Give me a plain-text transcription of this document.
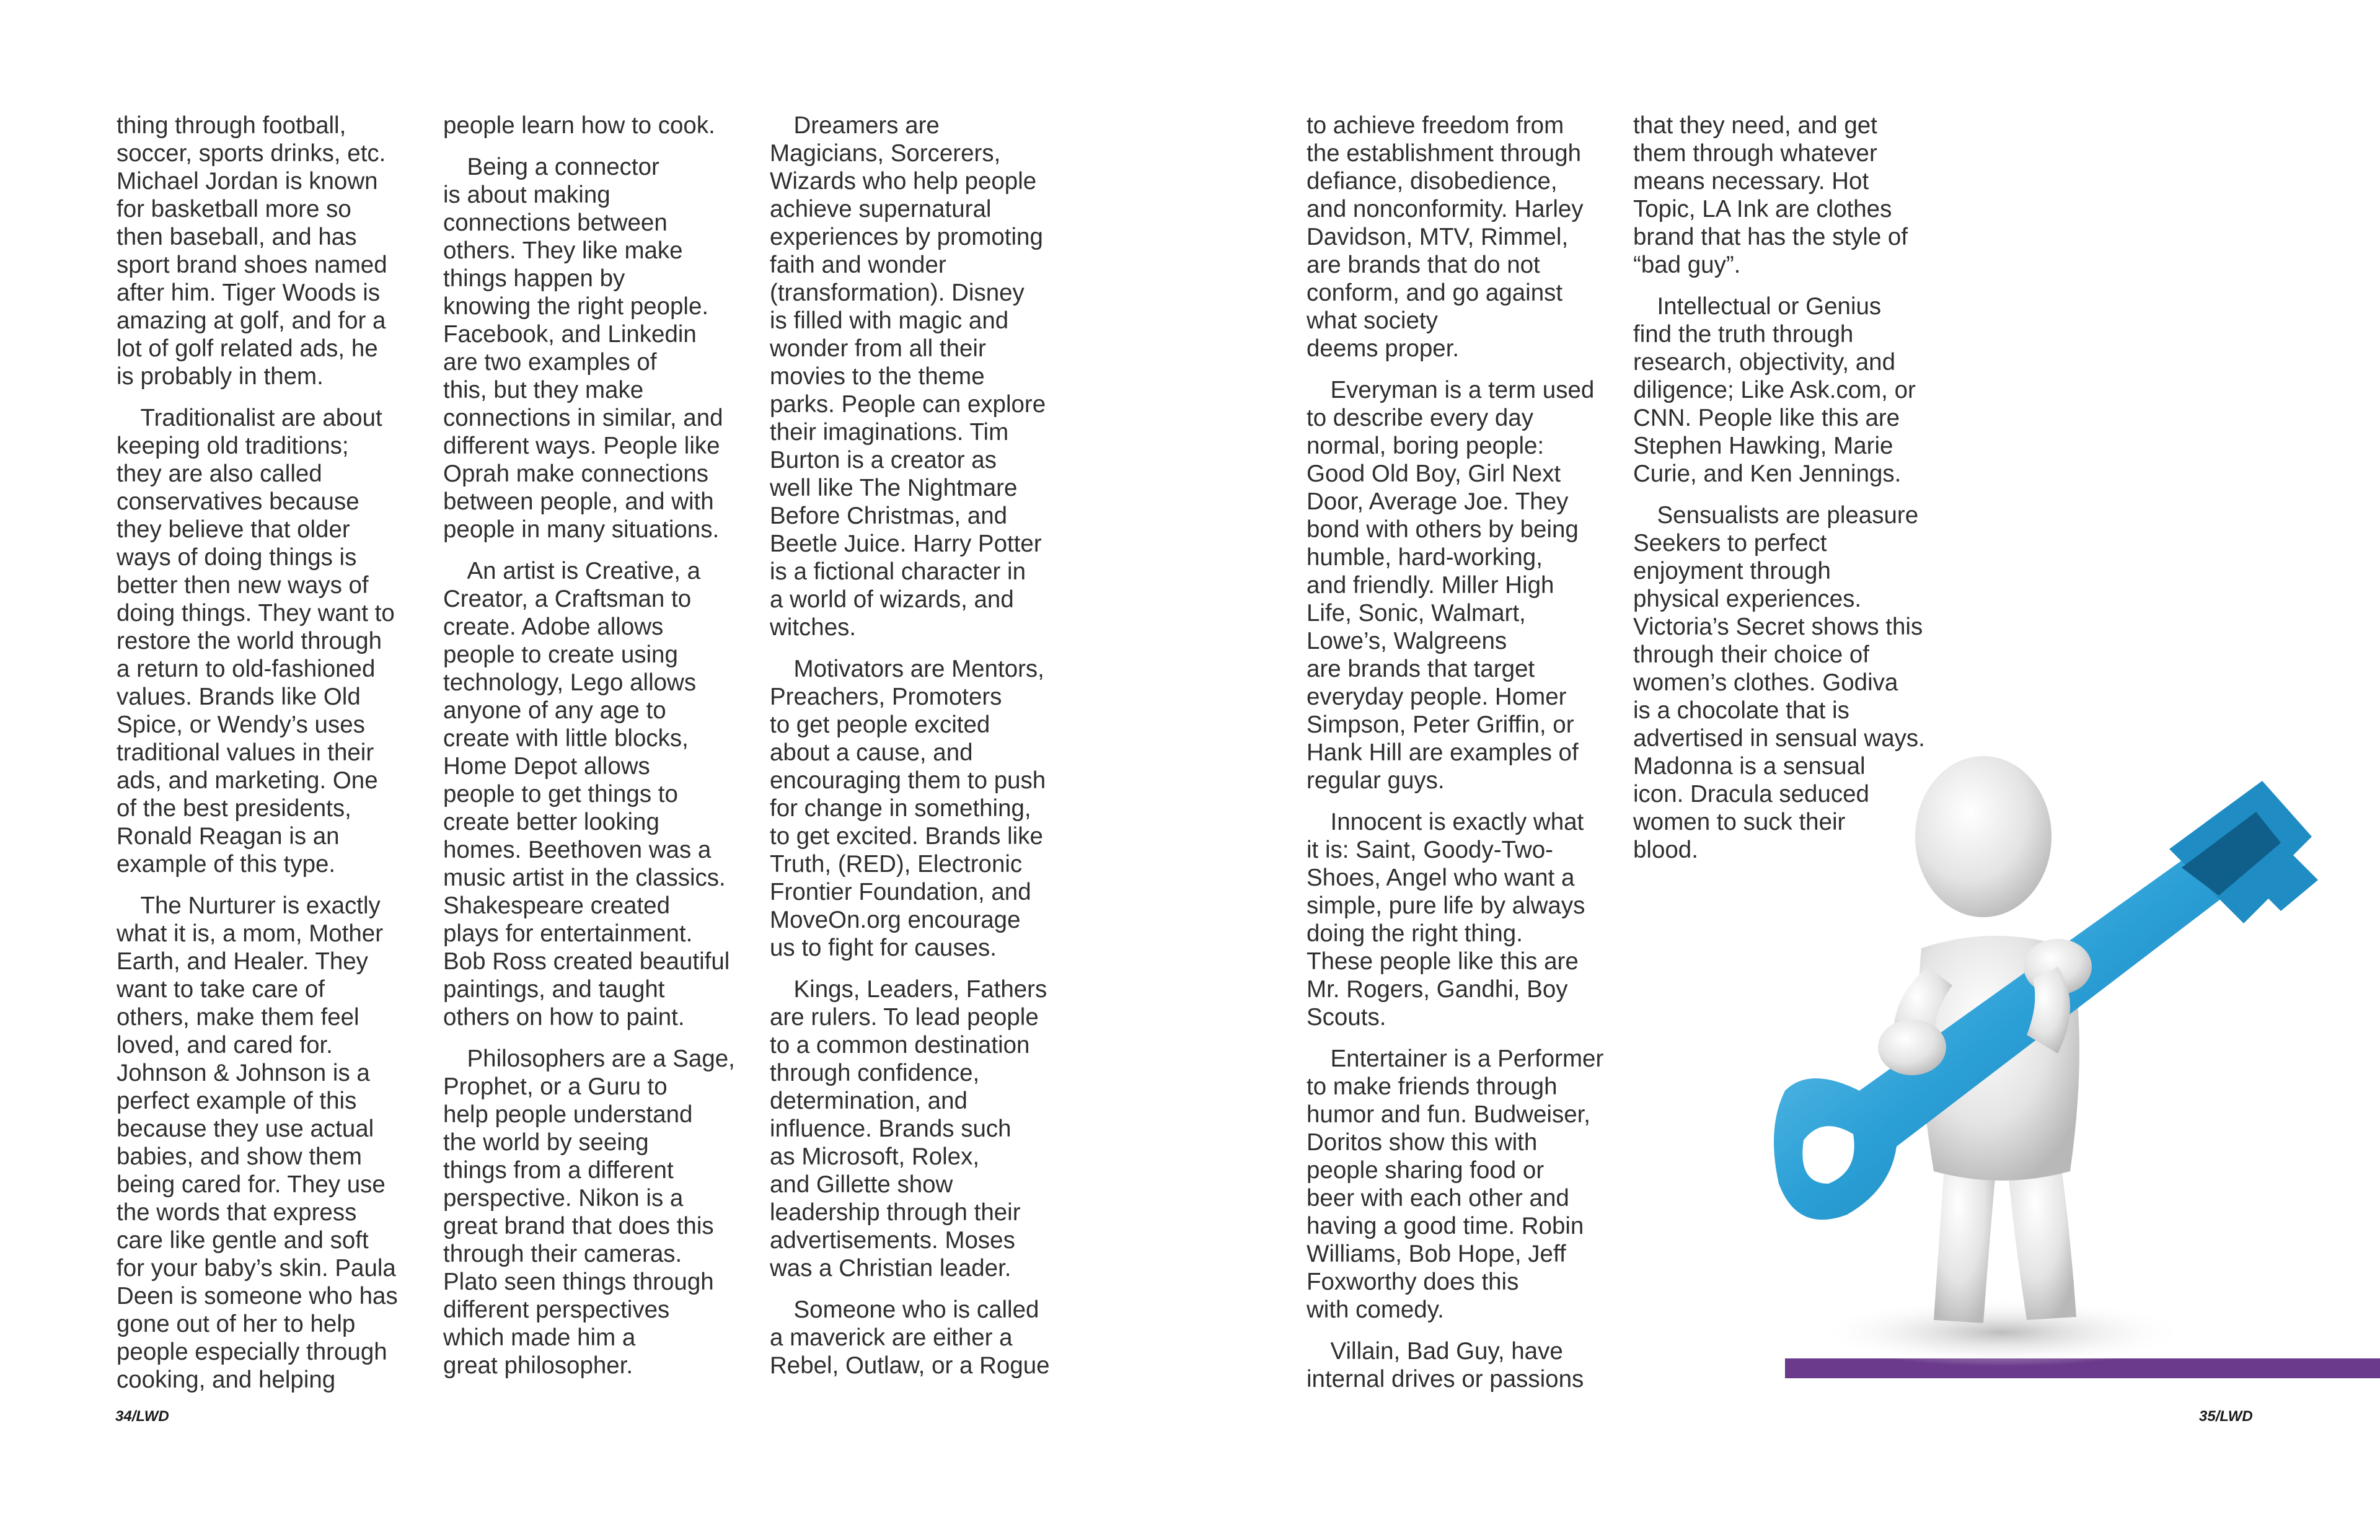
thing through football,
soccer, sports drinks, etc.
Michael Jordan is known
for basketball more so
then baseball, and has
sport brand shoes named
after him. Tiger Woods is
amazing at golf, and for a
lot of golf related ads, he
is probably in them.

Traditionalist are about
keeping old traditions;
they are also called
conservatives because
they believe that older
ways of doing things is
better then new ways of
doing things. They want to
restore the world through
a return to old-fashioned
values. Brands like Old
Spice, or Wendy’s uses
traditional values in their
ads, and marketing. One
of the best presidents,
Ronald Reagan is an
example of this type.

The Nurturer is exactly
what it is, a mom, Mother
Earth, and Healer. They
want to take care of
others, make them feel
loved, and cared for.
Johnson & Johnson is a
perfect example of this
because they use actual
babies, and show them
being cared for. They use
the words that express
care like gentle and soft
for your baby’s skin. Paula
Deen is someone who has
gone out of her to help
people especially through
cooking, and helping

people learn how to cook.

Being a connector
is about making
connections between
others. They like make
things happen by
knowing the right people.
Facebook, and Linkedin
are two examples of
this, but they make
connections in similar, and
different ways. People like
Oprah make connections
between people, and with
people in many situations.

An artist is Creative, a
Creator, a Craftsman to
create. Adobe allows
people to create using
technology, Lego allows
anyone of any age to
create with little blocks,
Home Depot allows
people to get things to
create better looking
homes. Beethoven was a
music artist in the classics.
Shakespeare created
plays for entertainment.
Bob Ross created beautiful
paintings, and taught
others on how to paint.

Philosophers are a Sage,
Prophet, or a Guru to
help people understand
the world by seeing
things from a different
perspective. Nikon is a
great brand that does this
through their cameras.
Plato seen things through
different perspectives
which made him a
great philosopher.

Dreamers are
Magicians, Sorcerers,
Wizards who help people
achieve supernatural
experiences by promoting
faith and wonder
(transformation). Disney
is filled with magic and
wonder from all their
movies to the theme
parks. People can explore
their imaginations. Tim
Burton is a creator as
well like The Nightmare
Before Christmas, and
Beetle Juice. Harry Potter
is a fictional character in
a world of wizards, and
witches.

Motivators are Mentors,
Preachers, Promoters
to get people excited
about a cause, and
encouraging them to push
for change in something,
to get excited. Brands like
Truth, (RED), Electronic
Frontier Foundation, and
MoveOn.org encourage
us to fight for causes.

Kings, Leaders, Fathers
are rulers. To lead people
to a common destination
through confidence,
determination, and
influence. Brands such
as Microsoft, Rolex,
and Gillette show
leadership through their
advertisements. Moses
was a Christian leader.

Someone who is called
a maverick are either a
Rebel, Outlaw, or a Rogue

to achieve freedom from
the establishment through
defiance, disobedience,
and nonconformity. Harley
Davidson, MTV, Rimmel,
are brands that do not
conform, and go against
what society
deems proper.

Everyman is a term used
to describe every day
normal, boring people:
Good Old Boy, Girl Next
Door, Average Joe. They
bond with others by being
humble, hard-working,
and friendly. Miller High
Life, Sonic, Walmart,
Lowe’s, Walgreens
are brands that target
everyday people. Homer
Simpson, Peter Griffin, or
Hank Hill are examples of
regular guys.

Innocent is exactly what
it is: Saint, Goody-Two-
Shoes, Angel who want a
simple, pure life by always
doing the right thing.
These people like this are
Mr. Rogers, Gandhi, Boy
Scouts.

Entertainer is a Performer
to make friends through
humor and fun. Budweiser,
Doritos show this with
people sharing food or
beer with each other and
having a good time. Robin
Williams, Bob Hope, Jeff
Foxworthy does this
with comedy.

Villain, Bad Guy, have
internal drives or passions

that they need, and get
them through whatever
means necessary. Hot
Topic, LA Ink are clothes
brand that has the style of
“bad guy”.

Intellectual or Genius
find the truth through
research, objectivity, and
diligence; Like Ask.com, or
CNN. People like this are
Stephen Hawking, Marie
Curie, and Ken Jennings.

Sensualists are pleasure
Seekers to perfect
enjoyment through
physical experiences.
Victoria’s Secret shows this
through their choice of
women’s clothes. Godiva
is a chocolate that is
advertised in sensual ways.
Madonna is a sensual
icon. Dracula seduced
women to suck their
blood.

34/LWD	35/LWD
